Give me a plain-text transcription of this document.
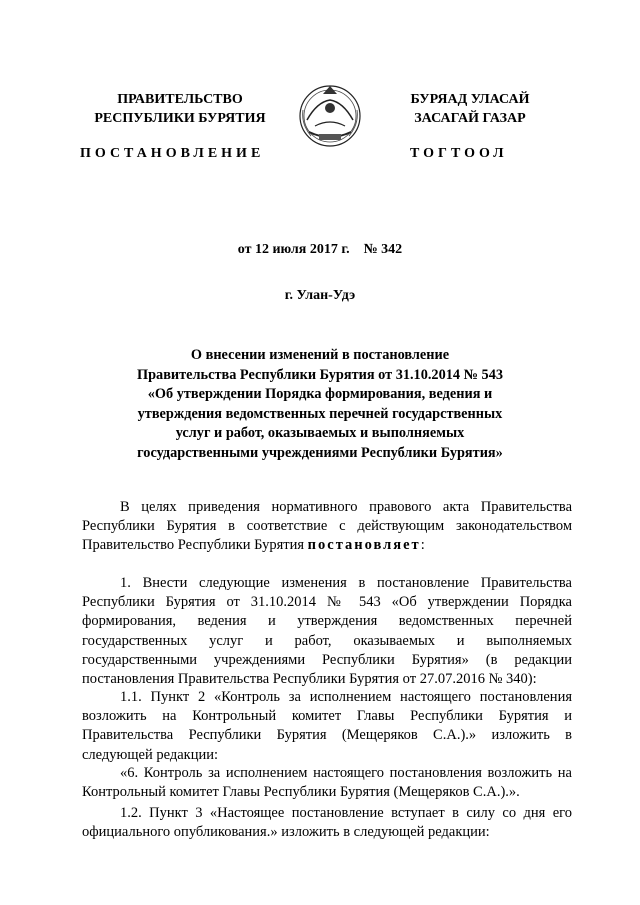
ПРАВИТЕЛЬСТВО
РЕСПУБЛИКИ БУРЯТИЯ
БУРЯАД УЛАСАЙ
ЗАСАГАЙ ГАЗАР
ПОСТАНОВЛЕНИЕ	ТОГТООЛ
от 12 июля 2017 г.    № 342
г. Улан-Удэ
О внесении изменений в постановление
Правительства Республики Бурятия от 31.10.2014 № 543
«Об утверждении Порядка формирования, ведения и
утверждения ведомственных перечней государственных
услуг и работ, оказываемых и выполняемых
государственными учреждениями Республики Бурятия»
В целях приведения нормативного правового акта Правительства Республики Бурятия в соответствие с действующим законодательством Правительство Республики Бурятия постановляет:
1. Внести следующие изменения в постановление Правительства Республики Бурятия от 31.10.2014 № 543 «Об утверждении Порядка формирования, ведения и утверждения ведомственных перечней государственных услуг и работ, оказываемых и выполняемых государственными учреждениями Республики Бурятия» (в редакции постановления Правительства Республики Бурятия от 27.07.2016 № 340):
1.1. Пункт 2 «Контроль за исполнением настоящего постановления возложить на Контрольный комитет Главы Республики Бурятия и Правительства Республики Бурятия (Мещеряков С.А.).» изложить в следующей редакции:
«6. Контроль за исполнением настоящего постановления возложить на Контрольный комитет Главы Республики Бурятия (Мещеряков С.А.).».
1.2. Пункт 3 «Настоящее постановление вступает в силу со дня его официального опубликования.» изложить в следующей редакции:
